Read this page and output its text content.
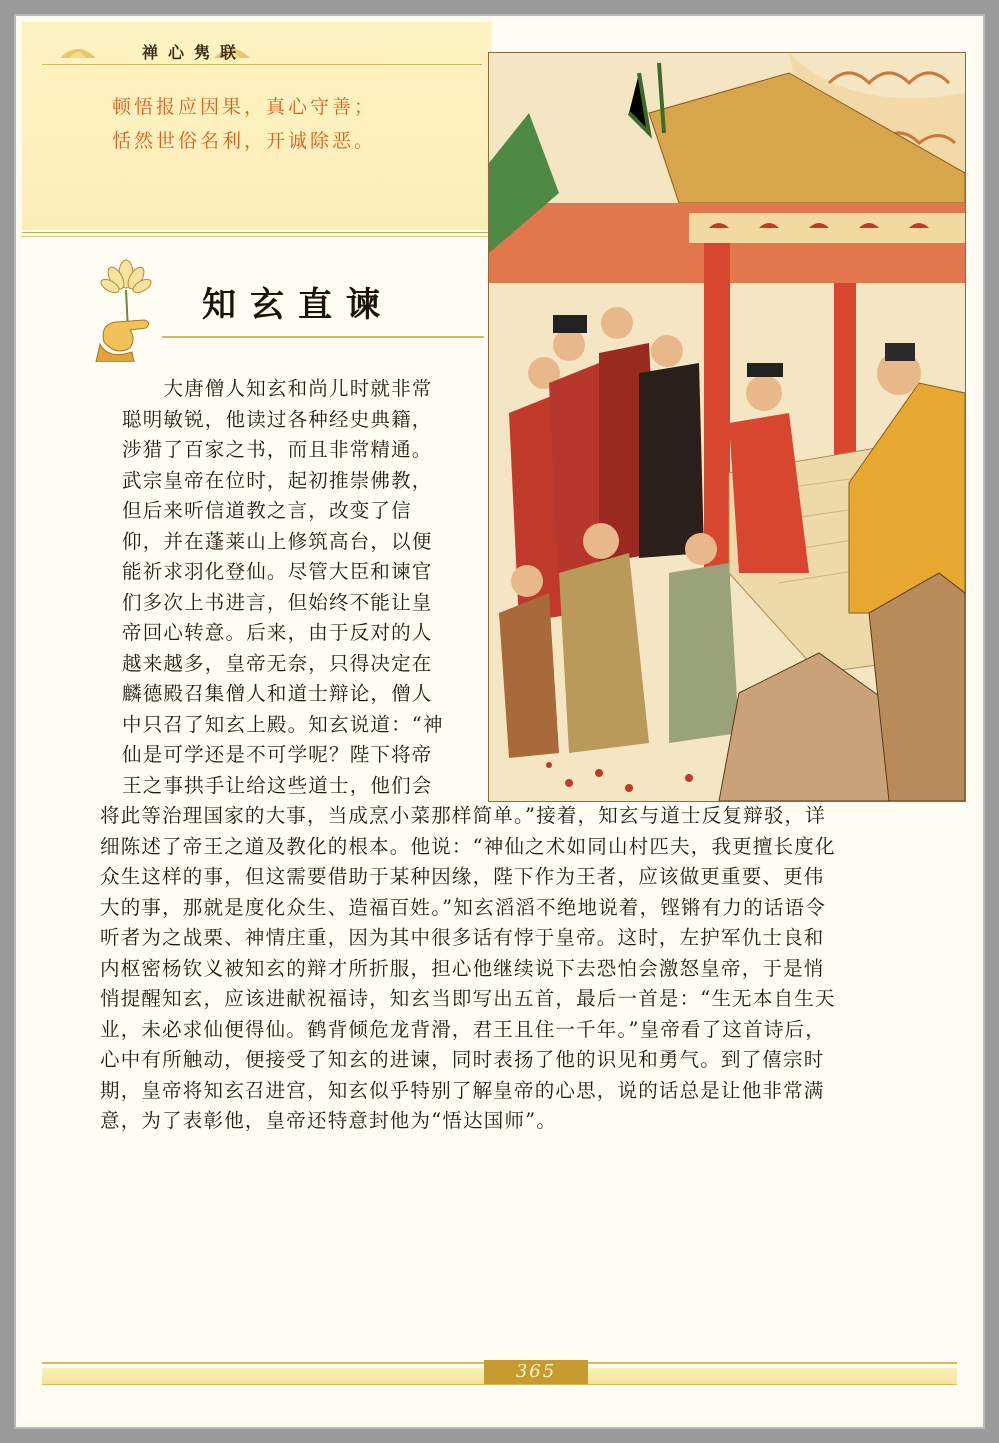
禅心隽联
顿悟报应因果，真心守善；
恬然世俗名利，开诚除恶。
知玄直谏
　　大唐僧人知玄和尚儿时就非常
聪明敏锐，他读过各种经史典籍，
涉猎了百家之书，而且非常精通。
武宗皇帝在位时，起初推崇佛教，
但后来听信道教之言，改变了信
仰，并在蓬莱山上修筑高台，以便
能祈求羽化登仙。尽管大臣和谏官
们多次上书进言，但始终不能让皇
帝回心转意。后来，由于反对的人
越来越多，皇帝无奈，只得决定在
麟德殿召集僧人和道士辩论，僧人
中只召了知玄上殿。知玄说道：“神
仙是可学还是不可学呢？陛下将帝
王之事拱手让给这些道士，他们会
将此等治理国家的大事，当成烹小菜那样简单。”接着，知玄与道士反复辩驳，详
细陈述了帝王之道及教化的根本。他说：“神仙之术如同山村匹夫，我更擅长度化
众生这样的事，但这需要借助于某种因缘，陛下作为王者，应该做更重要、更伟
大的事，那就是度化众生、造福百姓。”知玄滔滔不绝地说着，铿锵有力的话语令
听者为之战栗、神情庄重，因为其中很多话有悖于皇帝。这时，左护军仇士良和
内枢密杨钦义被知玄的辩才所折服，担心他继续说下去恐怕会激怒皇帝，于是悄
悄提醒知玄，应该进献祝福诗，知玄当即写出五首，最后一首是：“生无本自生天
业，未必求仙便得仙。鹤背倾危龙背滑，君王且住一千年。”皇帝看了这首诗后，
心中有所触动，便接受了知玄的进谏，同时表扬了他的识见和勇气。到了僖宗时
期，皇帝将知玄召进宫，知玄似乎特别了解皇帝的心思，说的话总是让他非常满
意，为了表彰他，皇帝还特意封他为“悟达国师”。
365
